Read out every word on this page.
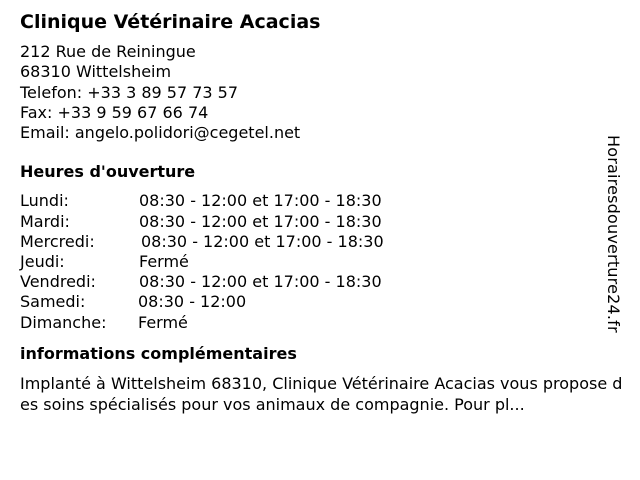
Clinique Vétérinaire Acacias
212 Rue de Reiningue
68310 Wittelsheim
Telefon: +33 3 89 57 73 57
Fax: +33 9 59 67 66 74
Email: angelo.polidori@cegetel.net
Heures d'ouverture
Lundi:	08:30 - 12:00 et 17:00 - 18:30
Mardi:	08:30 - 12:00 et 17:00 - 18:30
Mercredi:	08:30 - 12:00 et 17:00 - 18:30
Jeudi:	Fermé
Vendredi:	08:30 - 12:00 et 17:00 - 18:30
Samedi:	08:30 - 12:00
Dimanche: Fermé
informations complémentaires
Implanté à Wittelsheim 68310, Clinique Vétérinaire Acacias vous propose des soins spécialisés pour vos animaux de compagnie. Pour pl...
Horairesdouverture24.fr
